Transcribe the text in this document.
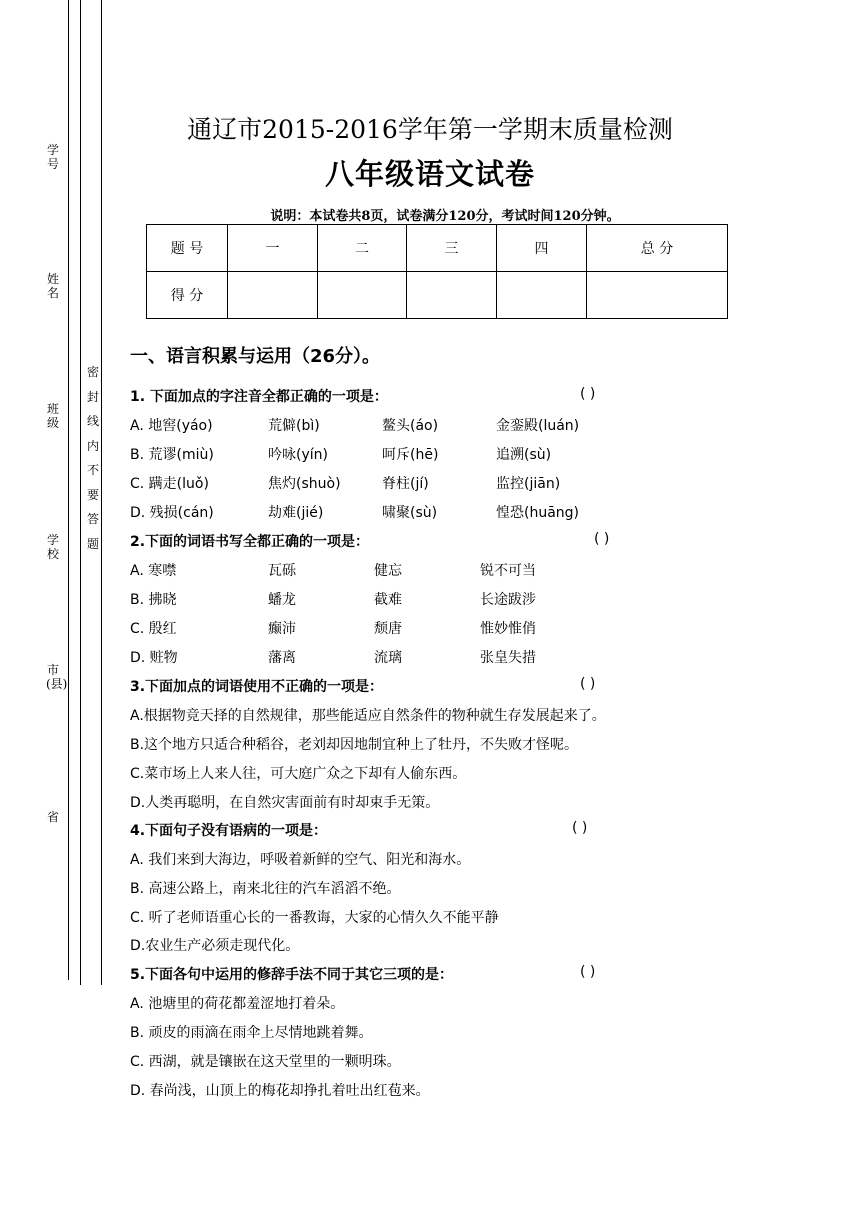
学号
姓名
班级
学校
市(县)
省
密封线内不要答题
通辽市2015-2016学年第一学期末质量检测
八年级语文试卷
说明：本试卷共8页，试卷满分120分，考试时间120分钟。
题 号	一	二	三	四	总 分
得 分					
一、语言积累与运用（26分）。
1. 下面加点的字注音全都正确的一项是：	( )
A. 地窖(yáo)	荒僻(bì)	鳌头(áo)	金銮殿(luán)
B. 荒谬(miù)	吟咏(yín)	呵斥(hē)	追溯(sù)
C. 蹒走(luǒ)	焦灼(shuò)	脊柱(jí)	监控(jiān)
D. 残损(cán)	劫难(jié)	啸聚(sù)	惶恐(huāng)
2.下面的词语书写全都正确的一项是：	( )
A. 寒噤	瓦砾	健忘	锐不可当
B. 拂晓	蟠龙	截难	长途跋涉
C. 殷红	癫沛	颓唐	惟妙惟俏
D. 赃物	藩离	流璃	张皇失措
3.下面加点的词语使用不正确的一项是：	( )
A.根据物竞天择的自然规律，那些能适应自然条件的物种就生存发展起来了。
B.这个地方只适合种稻谷，老刘却因地制宜种上了牡丹，不失败才怪呢。
C.菜市场上人来人往，可大庭广众之下却有人偷东西。
D.人类再聪明，在自然灾害面前有时却束手无策。
4.下面句子没有语病的一项是：	( )
A. 我们来到大海边，呼吸着新鲜的空气、阳光和海水。
B. 高速公路上，南来北往的汽车滔滔不绝。
C. 听了老师语重心长的一番教诲，大家的心情久久不能平静
D.农业生产必须走现代化。
5.下面各句中运用的修辞手法不同于其它三项的是：	( )
A. 池塘里的荷花都羞涩地打着朵。
B. 顽皮的雨滴在雨伞上尽情地跳着舞。
C. 西湖，就是镶嵌在这天堂里的一颗明珠。
D. 春尚浅，山顶上的梅花却挣扎着吐出红苞来。
